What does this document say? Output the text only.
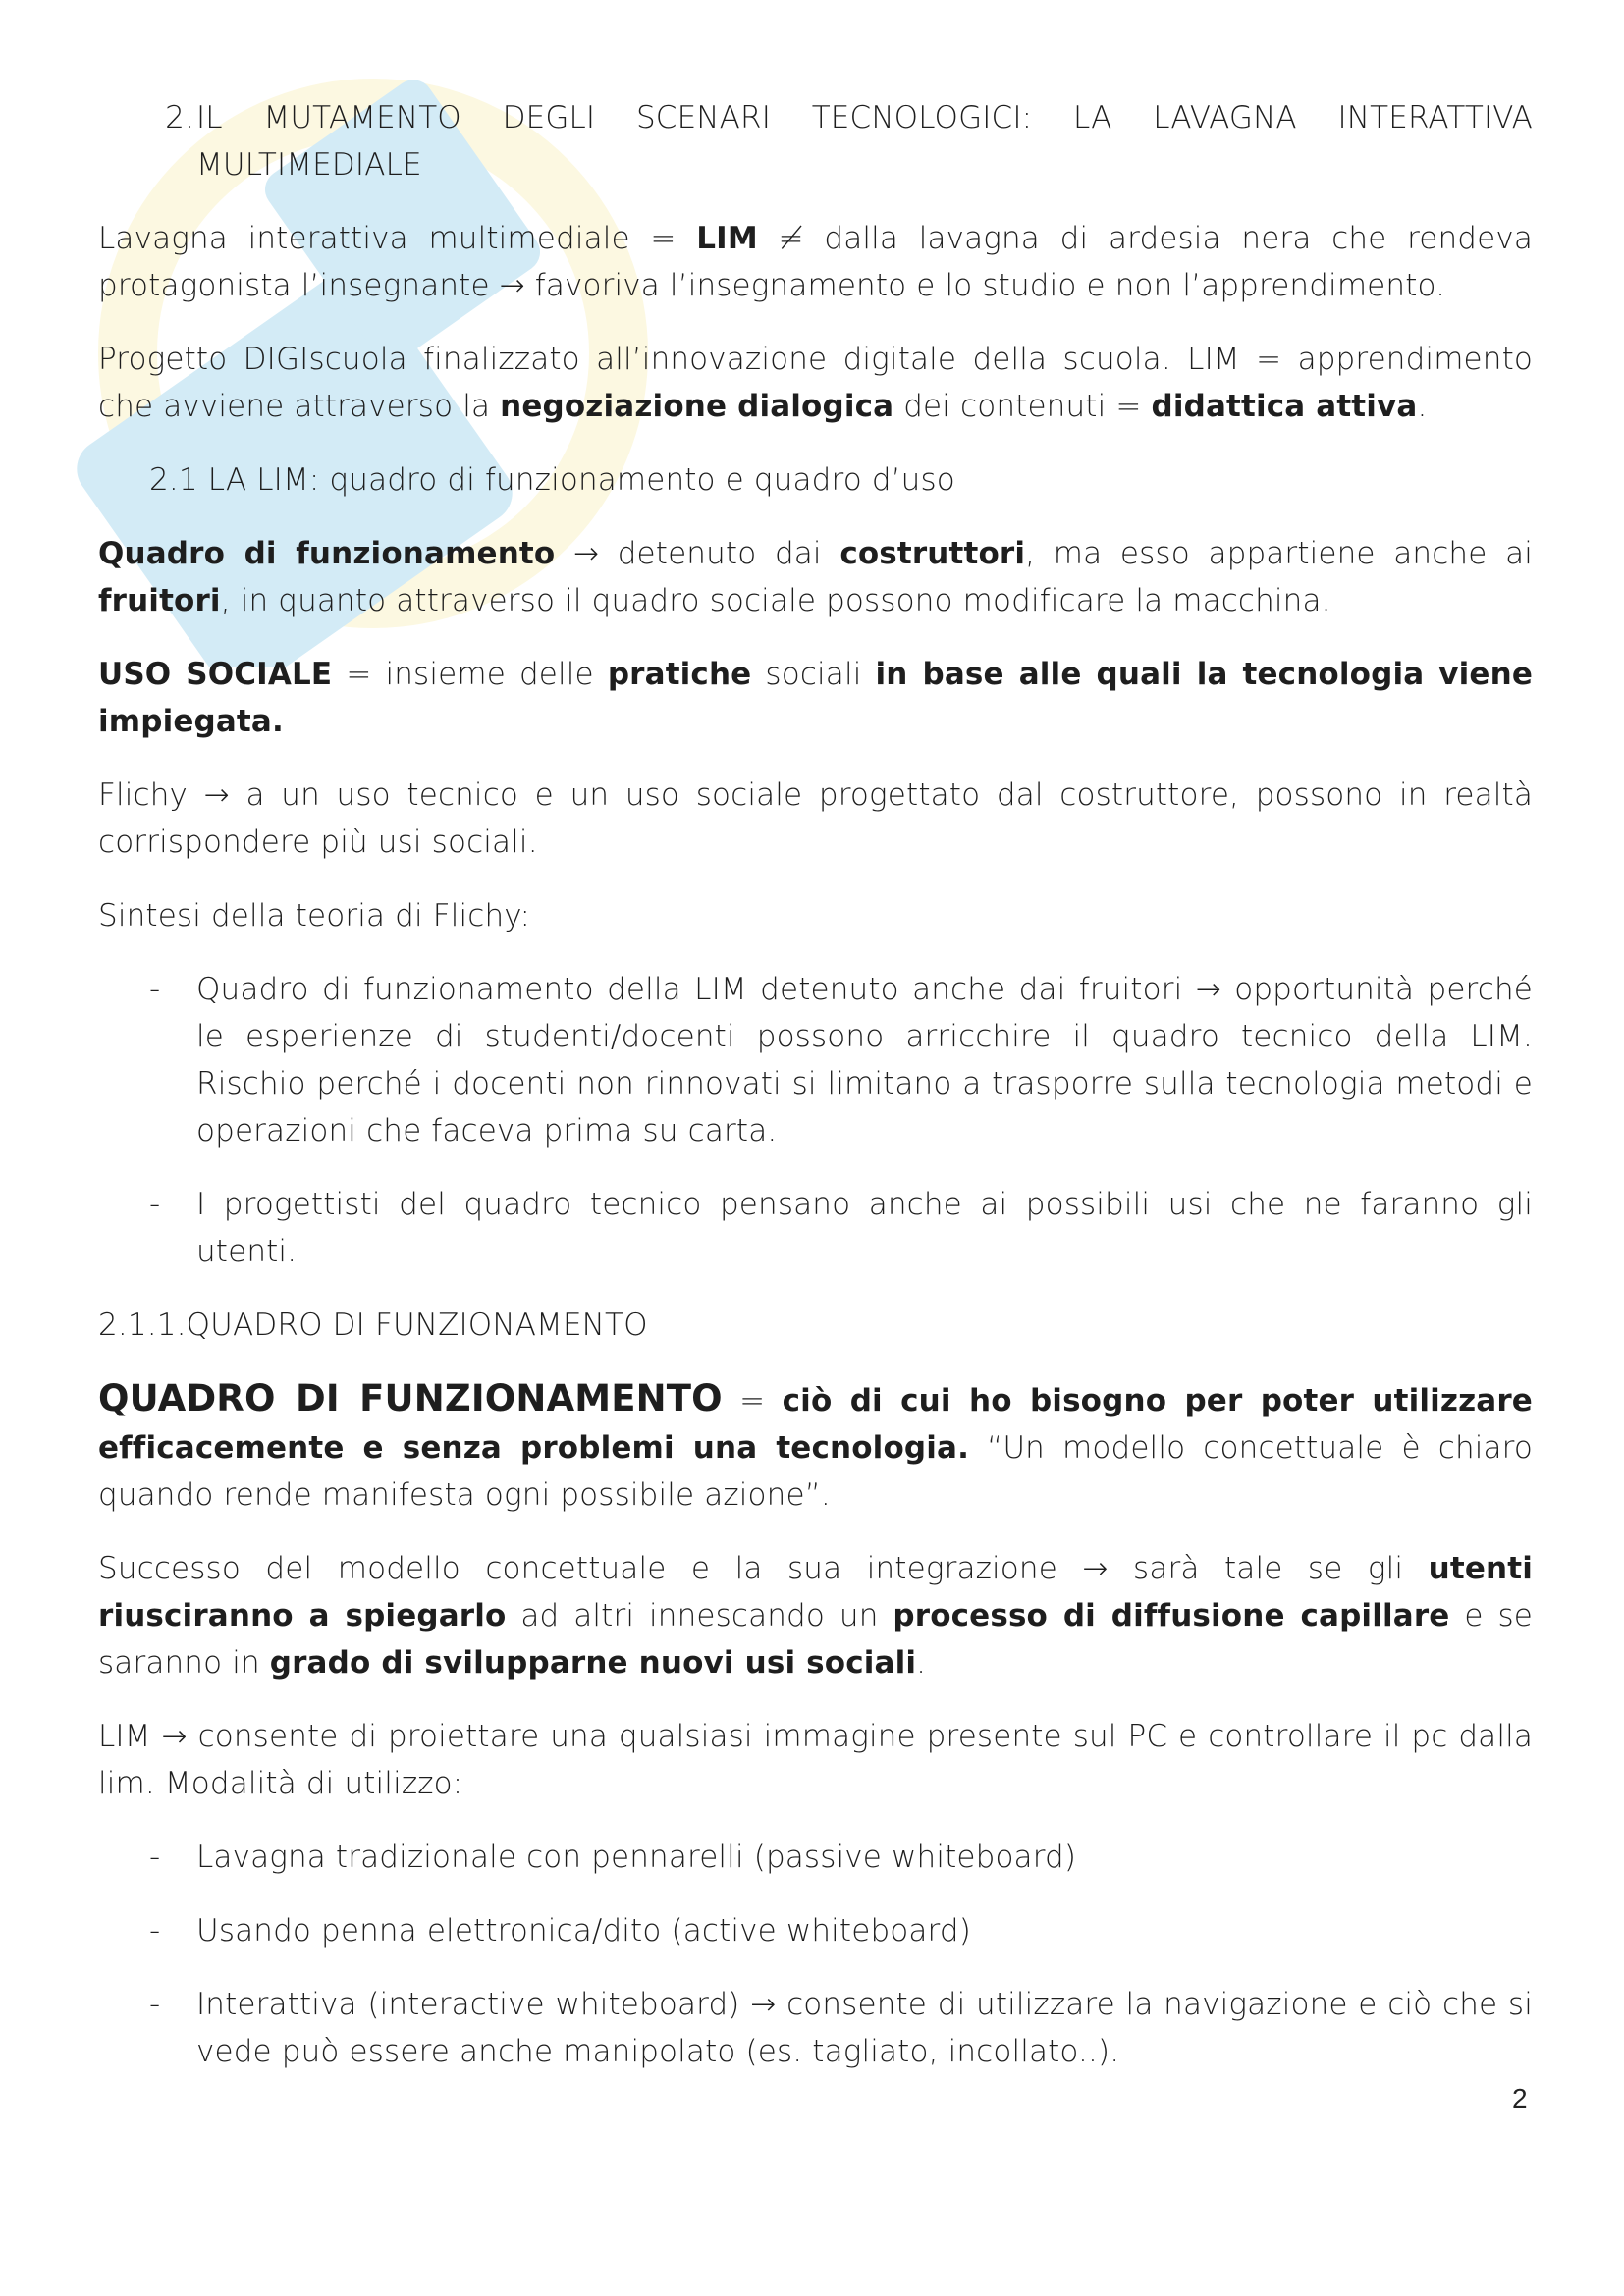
2. IL MUTAMENTO DEGLI SCENARI TECNOLOGICI: LA LAVAGNA INTERATTIVA MULTIMEDIALE
Lavagna interattiva multimediale = LIM ≠ dalla lavagna di ardesia nera che rendeva protagonista l’insegnante → favoriva l’insegnamento e lo studio e non l’apprendimento.
Progetto DIGIscuola finalizzato all’innovazione digitale della scuola. LIM = apprendimento che avviene attraverso la negoziazione dialogica dei contenuti = didattica attiva.
2.1 LA LIM: quadro di funzionamento e quadro d’uso
Quadro di funzionamento → detenuto dai costruttori, ma esso appartiene anche ai fruitori, in quanto attraverso il quadro sociale possono modificare la macchina.
USO SOCIALE = insieme delle pratiche sociali in base alle quali la tecnologia viene impiegata.
Flichy → a un uso tecnico e un uso sociale progettato dal costruttore, possono in realtà corrispondere più usi sociali.
Sintesi della teoria di Flichy:
-	Quadro di funzionamento della LIM detenuto anche dai fruitori → opportunità perché le esperienze di studenti/docenti possono arricchire il quadro tecnico della LIM. Rischio perché i docenti non rinnovati si limitano a trasporre sulla tecnologia metodi e operazioni che faceva prima su carta.
-	I progettisti del quadro tecnico pensano anche ai possibili usi che ne faranno gli utenti.
2.1.1.QUADRO DI FUNZIONAMENTO
QUADRO DI FUNZIONAMENTO = ciò di cui ho bisogno per poter utilizzare efficacemente e senza problemi una tecnologia. “Un modello concettuale è chiaro quando rende manifesta ogni possibile azione”.
Successo del modello concettuale e la sua integrazione → sarà tale se gli utenti riusciranno a spiegarlo ad altri innescando un processo di diffusione capillare e se saranno in grado di svilupparne nuovi usi sociali.
LIM → consente di proiettare una qualsiasi immagine presente sul PC e controllare il pc dalla lim. Modalità di utilizzo:
-	Lavagna tradizionale con pennarelli (passive whiteboard)
-	Usando penna elettronica/dito (active whiteboard)
-	Interattiva (interactive whiteboard) → consente di utilizzare la navigazione e ciò che si vede può essere anche manipolato (es. tagliato, incollato..).
2
